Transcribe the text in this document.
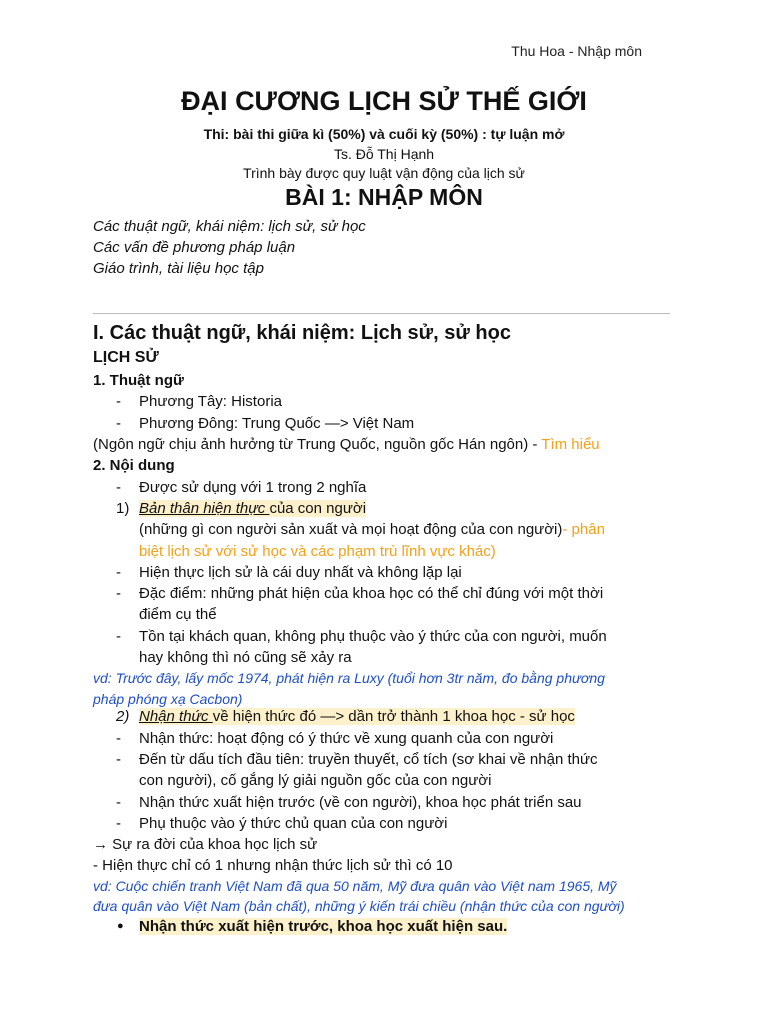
Thu Hoa - Nhập môn
ĐẠI CƯƠNG LỊCH SỬ THẾ GIỚI
Thi: bài thi giữa kì (50%) và cuối kỳ (50%) : tự luận mở
Ts. Đỗ Thị Hạnh
Trình bày được quy luật vận động của lịch sử
BÀI 1: NHẬP MÔN
Các thuật ngữ, khái niệm: lịch sử, sử học
Các vấn đề phương pháp luận
Giáo trình, tài liệu học tập
I. Các thuật ngữ, khái niệm: Lịch sử, sử học
LỊCH SỬ
1. Thuật ngữ
- Phương Tây: Historia
- Phương Đông: Trung Quốc —> Việt Nam
(Ngôn ngữ chịu ảnh hưởng từ Trung Quốc, nguồn gốc Hán ngôn) - Tìm hiểu
2. Nội dung
- Được sử dụng với 1 trong 2 nghĩa
1) Bản thân hiện thực của con người
(những gì con người sản xuất và mọi hoạt động của con người)- phân
biệt lịch sử với sử học và các phạm trù lĩnh vực khác)
- Hiện thực lịch sử là cái duy nhất và không lặp lại
- Đặc điểm: những phát hiện của khoa học có thể chỉ đúng với một thời
điểm cụ thể
- Tồn tại khách quan, không phụ thuộc vào ý thức của con người, muốn
hay không thì nó cũng sẽ xảy ra
vd: Trước đây, lấy mốc 1974, phát hiện ra Luxy (tuổi hơn 3tr năm, đo bằng phương
pháp phóng xạ Cacbon)
2) Nhận thức về hiện thức đó —> dần trở thành 1 khoa học - sử học
- Nhận thức: hoạt động có ý thức về xung quanh của con người
- Đến từ dấu tích đầu tiên: truyền thuyết, cổ tích (sơ khai về nhận thức
con người), cố gắng lý giải nguồn gốc của con người
- Nhận thức xuất hiện trước (về con người), khoa học phát triển sau
- Phụ thuộc vào ý thức chủ quan của con người
→ Sự ra đời của khoa học lịch sử
- Hiện thực chỉ có 1 nhưng nhận thức lịch sử thì có 10
vd: Cuộc chiến tranh Việt Nam đã qua 50 năm, Mỹ đưa quân vào Việt nam 1965, Mỹ
đưa quân vào Việt Nam (bản chất), những ý kiến trái chiều (nhận thức của con người)
● Nhận thức xuất hiện trước, khoa học xuất hiện sau.
